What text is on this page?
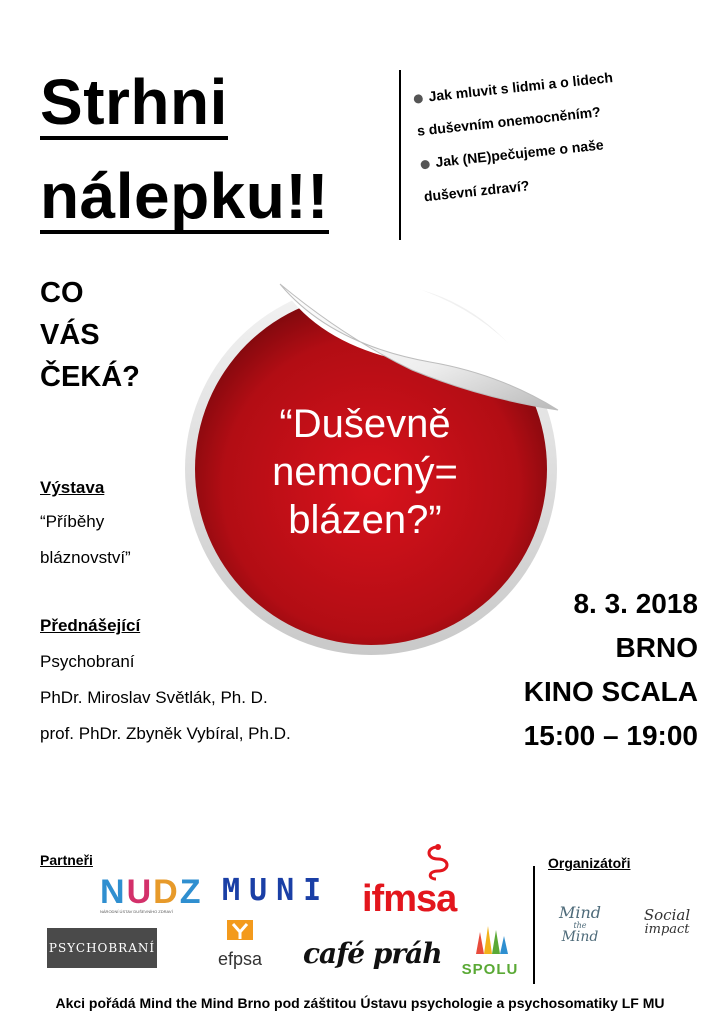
Strhni
nálepku!!
Jak mluvit s lidmi a o lidech
s duševním onemocněním?
Jak (NE)pečujeme o naše
duševní zdraví?
CO
VÁS
ČEKÁ?
“Duševně
nemocný=
blázen?”
Výstava
“Příběhy
bláznovství”
Přednášející
Psychobraní
PhDr. Miroslav Světlák, Ph. D.
prof. PhDr. Zbyněk Vybíral, Ph.D.
8. 3. 2018
BRNO
KINO SCALA
15:00 – 19:00
Partneři	Organizátoři
NUDZ
NÁRODNÍ ÚSTAV DUŠEVNÍHO ZDRAVÍ
MUNI ifmsa
PSYCHOBRANÍ
efpsa	café práh SPOLU
Mind
the
Mind
Social
impact
Akci pořádá Mind the Mind Brno pod záštitou Ústavu psychologie a psychosomatiky LF MU
